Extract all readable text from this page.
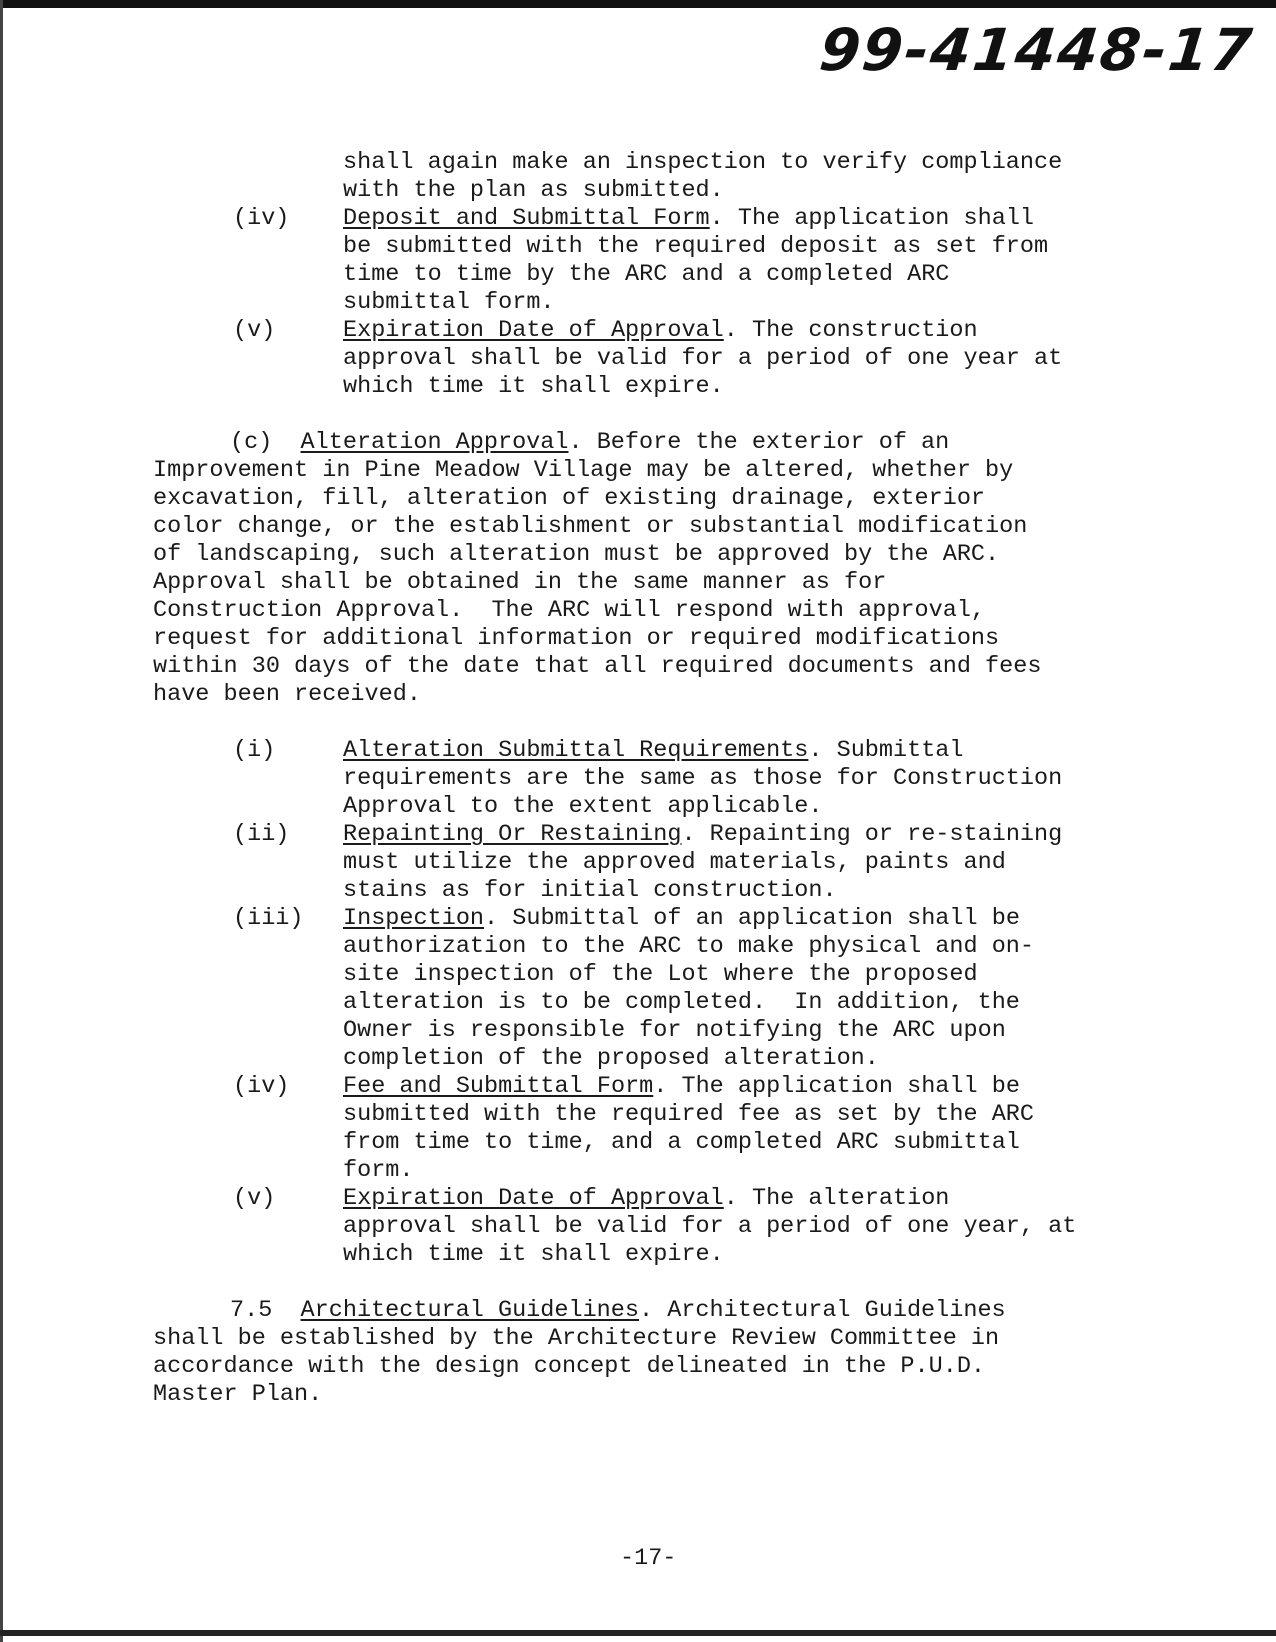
99-41448-17
shall again make an inspection to verify compliance
with the plan as submitted.
(iv) Deposit and Submittal Form. The application shall
be submitted with the required deposit as set from
time to time by the ARC and a completed ARC
submittal form.
(v)	Expiration Date of Approval. The construction
approval shall be valid for a period of one year at
which time it shall expire.
(c) Alteration Approval. Before the exterior of an
Improvement in Pine Meadow Village may be altered, whether by
excavation, fill, alteration of existing drainage, exterior
color change, or the establishment or substantial modification
of landscaping, such alteration must be approved by the ARC.
Approval shall be obtained in the same manner as for
Construction Approval.  The ARC will respond with approval,
request for additional information or required modifications
within 30 days of the date that all required documents and fees
have been received.
(i)	Alteration Submittal Requirements. Submittal
requirements are the same as those for Construction
Approval to the extent applicable.
(ii) Repainting Or Restaining. Repainting or re-staining
must utilize the approved materials, paints and
stains as for initial construction.
(iii) Inspection. Submittal of an application shall be
authorization to the ARC to make physical and on-
site inspection of the Lot where the proposed
alteration is to be completed.  In addition, the
Owner is responsible for notifying the ARC upon
completion of the proposed alteration.
(iv) Fee and Submittal Form. The application shall be
submitted with the required fee as set by the ARC
from time to time, and a completed ARC submittal
form.
(v)	Expiration Date of Approval. The alteration
approval shall be valid for a period of one year, at
which time it shall expire.
7.5 Architectural Guidelines. Architectural Guidelines
shall be established by the Architecture Review Committee in
accordance with the design concept delineated in the P.U.D.
Master Plan.
-17-
